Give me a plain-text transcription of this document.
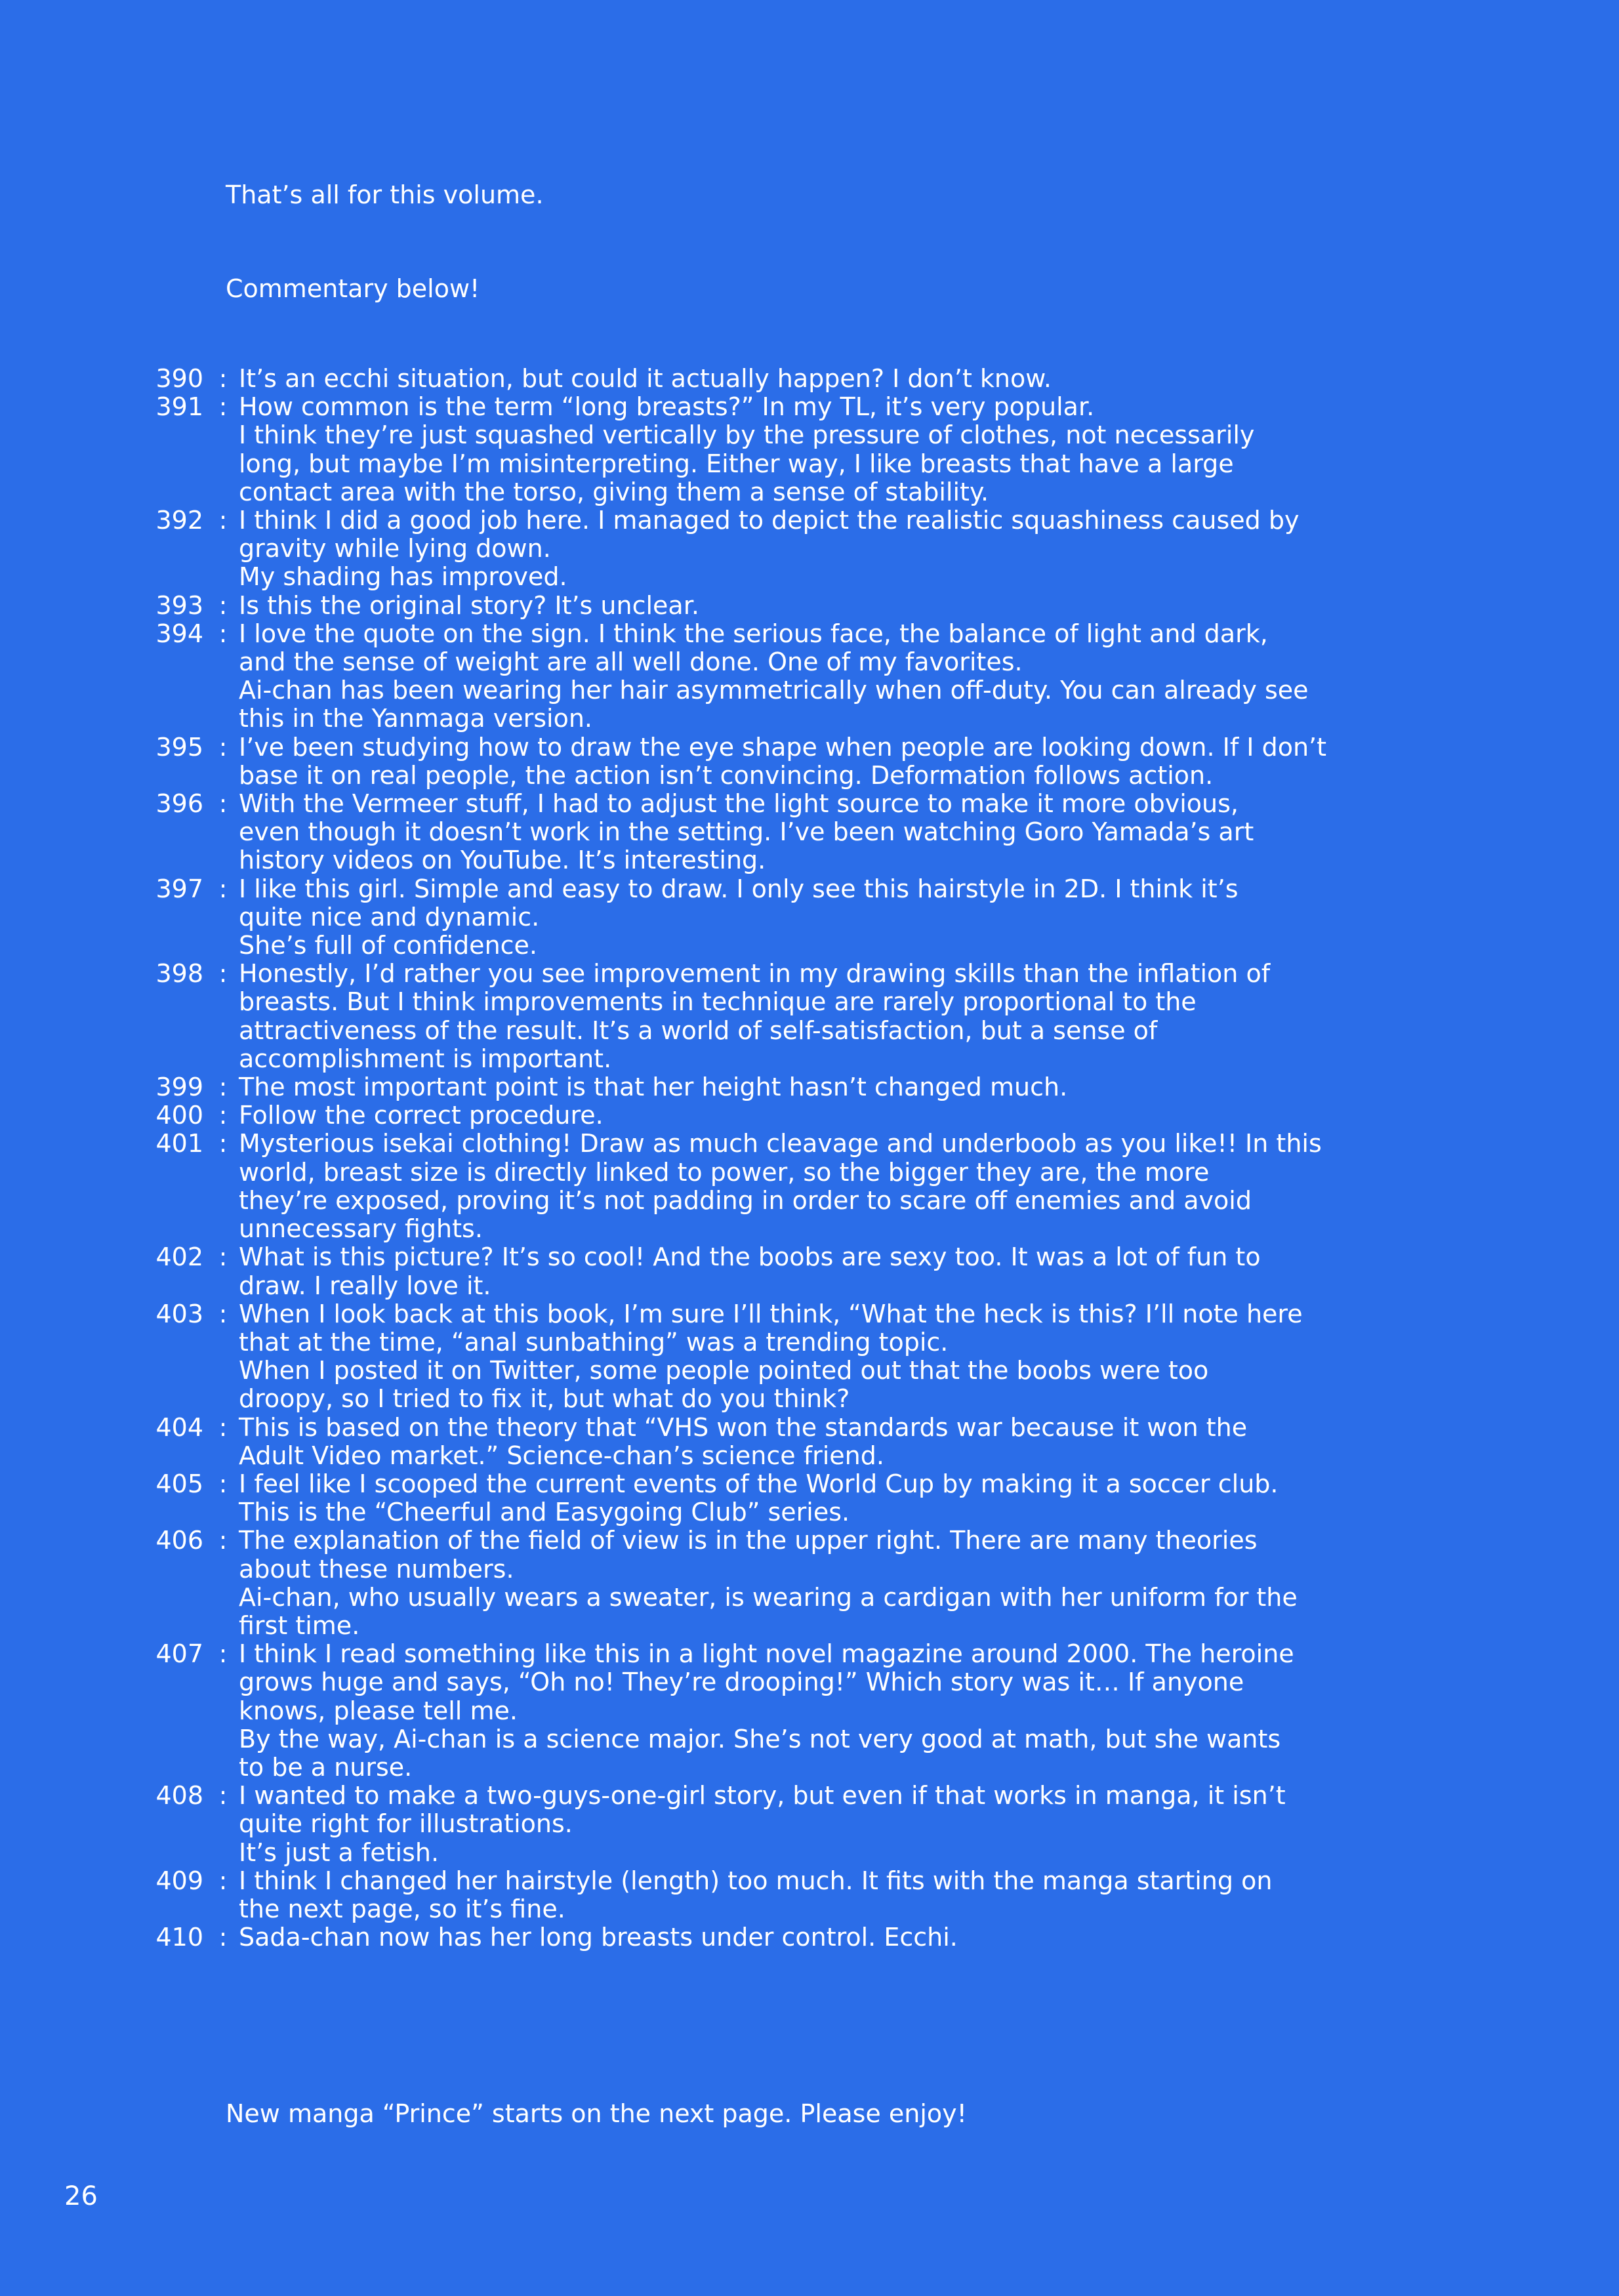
That’s all for this volume.
Commentary below!
390 : It’s an ecchi situation, but could it actually happen? I don’t know.
391 : How common is the term “long breasts?” In my TL, it’s very popular.
I think they’re just squashed vertically by the pressure of clothes, not necessarily
long, but maybe I’m misinterpreting. Either way, I like breasts that have a large
contact area with the torso, giving them a sense of stability.
392 : I think I did a good job here. I managed to depict the realistic squashiness caused by
gravity while lying down.
My shading has improved.
393 : Is this the original story? It’s unclear.
394 : I love the quote on the sign. I think the serious face, the balance of light and dark,
and the sense of weight are all well done. One of my favorites.
Ai-chan has been wearing her hair asymmetrically when off-duty. You can already see
this in the Yanmaga version.
395 : I’ve been studying how to draw the eye shape when people are looking down. If I don’t
base it on real people, the action isn’t convincing. Deformation follows action.
396 : With the Vermeer stuff, I had to adjust the light source to make it more obvious,
even though it doesn’t work in the setting. I’ve been watching Goro Yamada’s art
history videos on YouTube. It’s interesting.
397 : I like this girl. Simple and easy to draw. I only see this hairstyle in 2D. I think it’s
quite nice and dynamic.
She’s full of confidence.
398 : Honestly, I’d rather you see improvement in my drawing skills than the inflation of
breasts. But I think improvements in technique are rarely proportional to the
attractiveness of the result. It’s a world of self-satisfaction, but a sense of
accomplishment is important.
399 : The most important point is that her height hasn’t changed much.
400 : Follow the correct procedure.
401 : Mysterious isekai clothing! Draw as much cleavage and underboob as you like!! In this
world, breast size is directly linked to power, so the bigger they are, the more
they’re exposed, proving it’s not padding in order to scare off enemies and avoid
unnecessary fights.
402 : What is this picture? It’s so cool! And the boobs are sexy too. It was a lot of fun to
draw. I really love it.
403 : When I look back at this book, I’m sure I’ll think, “What the heck is this? I’ll note here
that at the time, “anal sunbathing” was a trending topic.
When I posted it on Twitter, some people pointed out that the boobs were too
droopy, so I tried to fix it, but what do you think?
404 : This is based on the theory that “VHS won the standards war because it won the
Adult Video market.” Science-chan’s science friend.
405 : I feel like I scooped the current events of the World Cup by making it a soccer club.
This is the “Cheerful and Easygoing Club” series.
406 : The explanation of the field of view is in the upper right. There are many theories
about these numbers.
Ai-chan, who usually wears a sweater, is wearing a cardigan with her uniform for the
first time.
407 : I think I read something like this in a light novel magazine around 2000. The heroine
grows huge and says, “Oh no! They’re drooping!” Which story was it… If anyone
knows, please tell me.
By the way, Ai-chan is a science major. She’s not very good at math, but she wants
to be a nurse.
408 : I wanted to make a two-guys-one-girl story, but even if that works in manga, it isn’t
quite right for illustrations.
It’s just a fetish.
409 : I think I changed her hairstyle (length) too much. It fits with the manga starting on
the next page, so it’s fine.
410 : Sada-chan now has her long breasts under control. Ecchi.
New manga “Prince” starts on the next page. Please enjoy!
26
